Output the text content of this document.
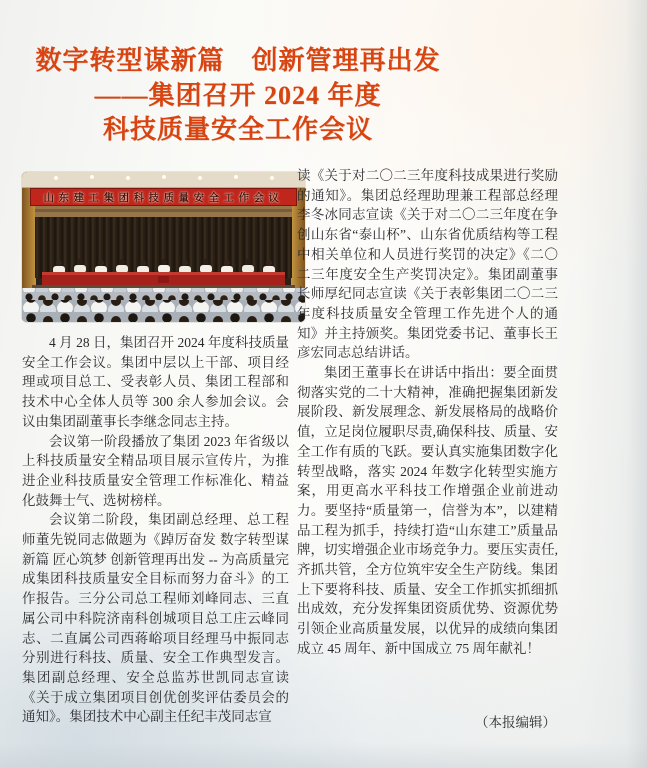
数字转型谋新篇　创新管理再出发
——集团召开 2024 年度
科技质量安全工作会议
山东建工集团科技质量安全工作会议

4 月 28 日，集团召开 2024 年度科技质量安全工作会议。集团中层以上干部、项目经理或项目总工、受表彰人员、集团工程部和技术中心全体人员等 300 余人参加会议。会议由集团副董事长李继念同志主持。

会议第一阶段播放了集团 2023 年省级以上科技质量安全精品项目展示宣传片，为推进企业科技质量安全管理工作标准化、精益化鼓舞士气、选树榜样。

会议第二阶段，集团副总经理、总工程师董先锐同志做题为《踔厉奋发 数字转型谋新篇 匠心筑梦 创新管理再出发 -- 为高质量完成集团科技质量安全目标而努力奋斗》的工作报告。三分公司总工程师刘峰同志、三直属公司中科院济南科创城项目总工庄云峰同志、二直属公司西蒋峪项目经理马中振同志分别进行科技、质量、安全工作典型发言。集团副总经理、安全总监苏世凯同志宣读《关于成立集团项目创优创奖评估委员会的通知》。集团技术中心副主任纪丰茂同志宣

读《关于对二〇二三年度科技成果进行奖励的通知》。集团总经理助理兼工程部总经理李冬冰同志宣读《关于对二〇二三年度在争创山东省“泰山杯”、山东省优质结构等工程中相关单位和人员进行奖罚的决定》《二〇二三年度安全生产奖罚决定》。集团副董事长师厚纪同志宣读《关于表彰集团二〇二三年度科技质量安全管理工作先进个人的通知》并主持颁奖。集团党委书记、董事长王彦宏同志总结讲话。

集团王董事长在讲话中指出：要全面贯彻落实党的二十大精神，准确把握集团新发展阶段、新发展理念、新发展格局的战略价值，立足岗位履职尽责,确保科技、质量、安全工作有质的飞跃。要认真实施集团数字化转型战略，落实 2024 年数字化转型实施方案，用更高水平科技工作增强企业前进动力。要坚持“质量第一，信誉为本”，以建精品工程为抓手，持续打造“山东建工”质量品牌，切实增强企业市场竞争力。要压实责任,齐抓共管，全方位筑牢安全生产防线。集团上下要将科技、质量、安全工作抓实抓细抓出成效，充分发挥集团资质优势、资源优势引领企业高质量发展，以优异的成绩向集团成立 45 周年、新中国成立 75 周年献礼！

（本报编辑）
